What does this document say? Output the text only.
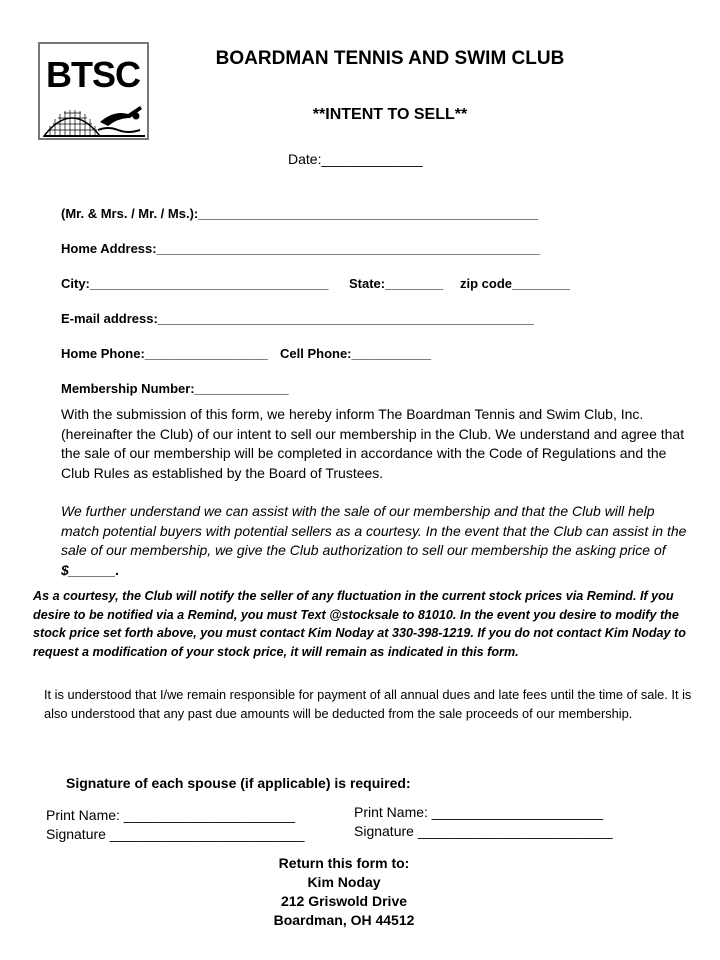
BTSC	BOARDMAN TENNIS AND SWIM CLUB
**INTENT TO SELL**
Date:_____________
(Mr. & Mrs. / Mr. / Ms.):_______________________________________________
Home Address:_____________________________________________________
City:_________________________________ State:________ zip code________
E-mail address:____________________________________________________
Home Phone:_________________ Cell Phone:___________
Membership Number:_____________
With the submission of this form, we hereby inform The Boardman Tennis and Swim Club, Inc. (hereinafter the Club) of our intent to sell our membership in the Club. We understand and agree that the sale of our membership will be completed in accordance with the Code of Regulations and the Club Rules as established by the Board of Trustees.
We further understand we can assist with the sale of our membership and that the Club will help match potential buyers with potential sellers as a courtesy. In the event that the Club can assist in the sale of our membership, we give the Club authorization to sell our membership the asking price of $______.
As a courtesy, the Club will notify the seller of any fluctuation in the current stock prices via Remind. If you desire to be notified via a Remind, you must Text @stocksale to 81010. In the event you desire to modify the stock price set forth above, you must contact Kim Noday at 330-398-1219. If you do not contact Kim Noday to request a modification of your stock price, it will remain as indicated in this form.
It is understood that I/we remain responsible for payment of all annual dues and late fees until the time of sale. It is also understood that any past due amounts will be deducted from the sale proceeds of our membership.
Signature of each spouse (if applicable) is required:
Print Name: ______________________
Signature _________________________
Print Name: ______________________
Signature _________________________
Return this form to:
Kim Noday
212 Griswold Drive
Boardman, OH 44512
